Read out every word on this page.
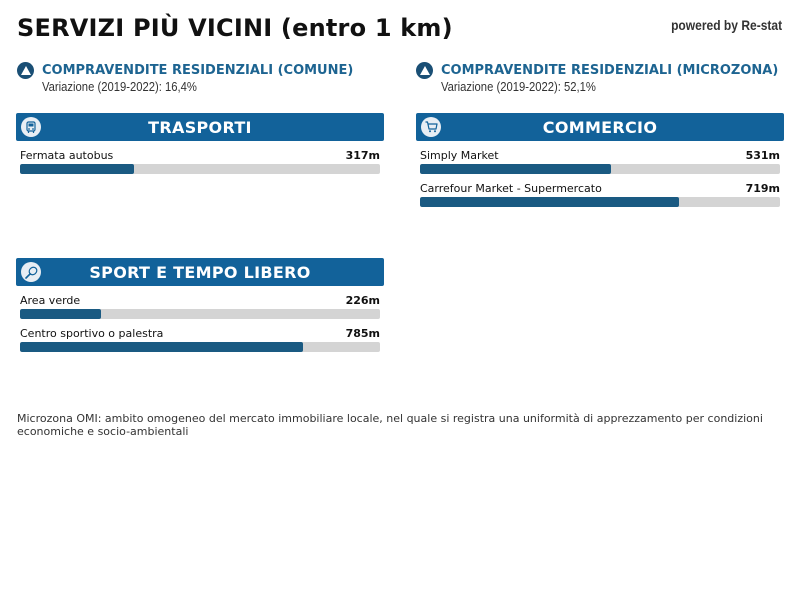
SERVIZI PIÙ VICINI (entro 1 km)	powered by Re-stat
COMPRAVENDITE RESIDENZIALI (COMUNE)
Variazione (2019-2022): 16,4%
COMPRAVENDITE RESIDENZIALI (MICROZONA)
Variazione (2019-2022): 52,1%
TRASPORTI
Fermata autobus	317m
COMMERCIO
Simply Market	531m
Carrefour Market - Supermercato	719m
SPORT E TEMPO LIBERO
Area verde	226m
Centro sportivo o palestra	785m
Microzona OMI: ambito omogeneo del mercato immobiliare locale, nel quale si registra una uniformità di apprezzamento per condizioni economiche e socio-ambientali
